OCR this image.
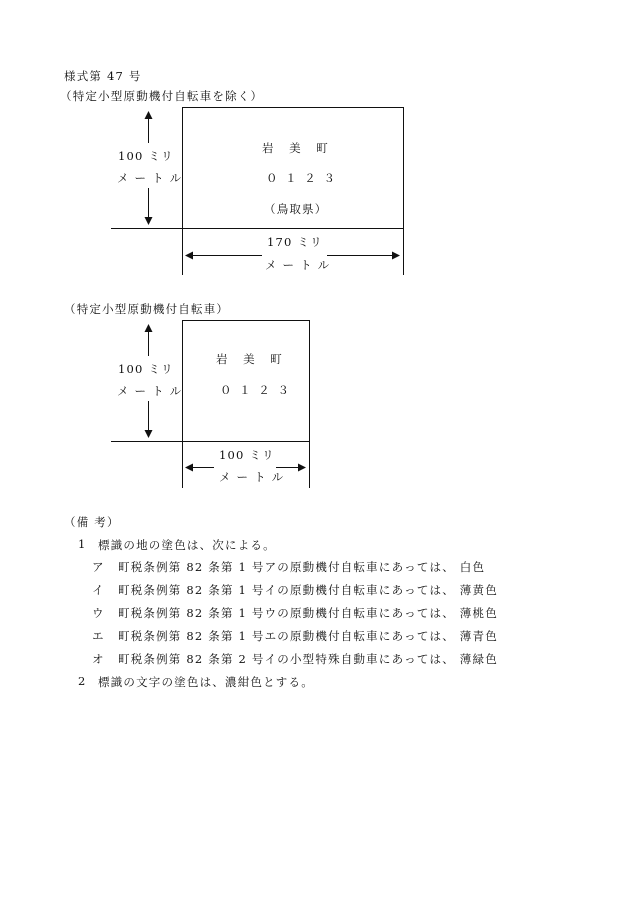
様式第 47 号
（特定小型原動機付自転車を除く）
岩 美 町
０ １ ２ ３
（鳥取県）
100 ミリ
メ ー ト ル
170 ミリ
メ ー ト ル
（特定小型原動機付自転車）
岩 美 町
０ １ ２ ３
100 ミリ
メ ー ト ル
100 ミリ
メ ー ト ル
（備 考）
1 標識の地の塗色は、次による。
ア 町税条例第 82 条第 1 号アの原動機付自転車にあっては、 白色
イ 町税条例第 82 条第 1 号イの原動機付自転車にあっては、 薄黄色
ウ 町税条例第 82 条第 1 号ウの原動機付自転車にあっては、 薄桃色
エ 町税条例第 82 条第 1 号エの原動機付自転車にあっては、 薄青色
オ 町税条例第 82 条第 2 号イの小型特殊自動車にあっては、 薄緑色
2 標識の文字の塗色は、濃紺色とする。
